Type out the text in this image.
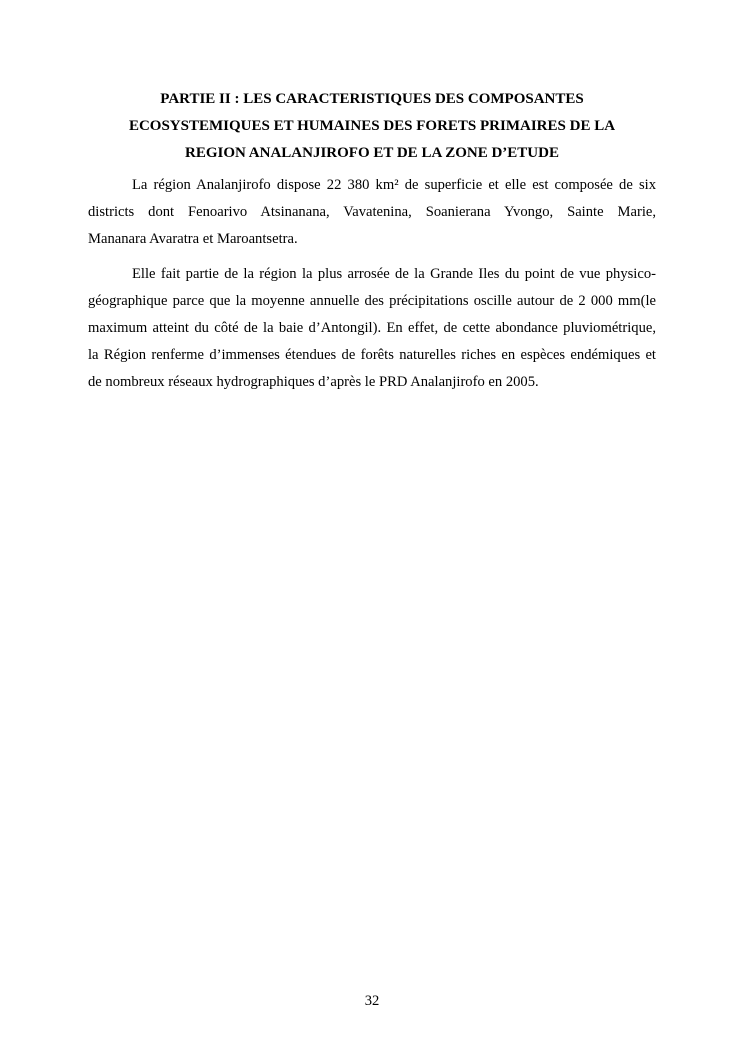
PARTIE II : LES CARACTERISTIQUES DES COMPOSANTES
ECOSYSTEMIQUES ET HUMAINES DES FORETS PRIMAIRES DE LA
REGION ANALANJIROFO ET DE LA ZONE D’ETUDE
La région Analanjirofo dispose 22 380 km² de superficie et elle est composée de six
districts dont Fenoarivo Atsinanana, Vavatenina, Soanierana Yvongo, Sainte Marie,
Mananara Avaratra et Maroantsetra.
Elle fait partie de la région la plus arrosée de la Grande Iles du point de vue physico-
géographique parce que la moyenne annuelle des précipitations oscille autour de 2 000 mm(le
maximum atteint du côté de la baie d’Antongil). En effet, de cette abondance pluviométrique,
la Région renferme d’immenses étendues de forêts naturelles riches en espèces endémiques et
de nombreux réseaux hydrographiques d’après le PRD Analanjirofo en 2005.
32
